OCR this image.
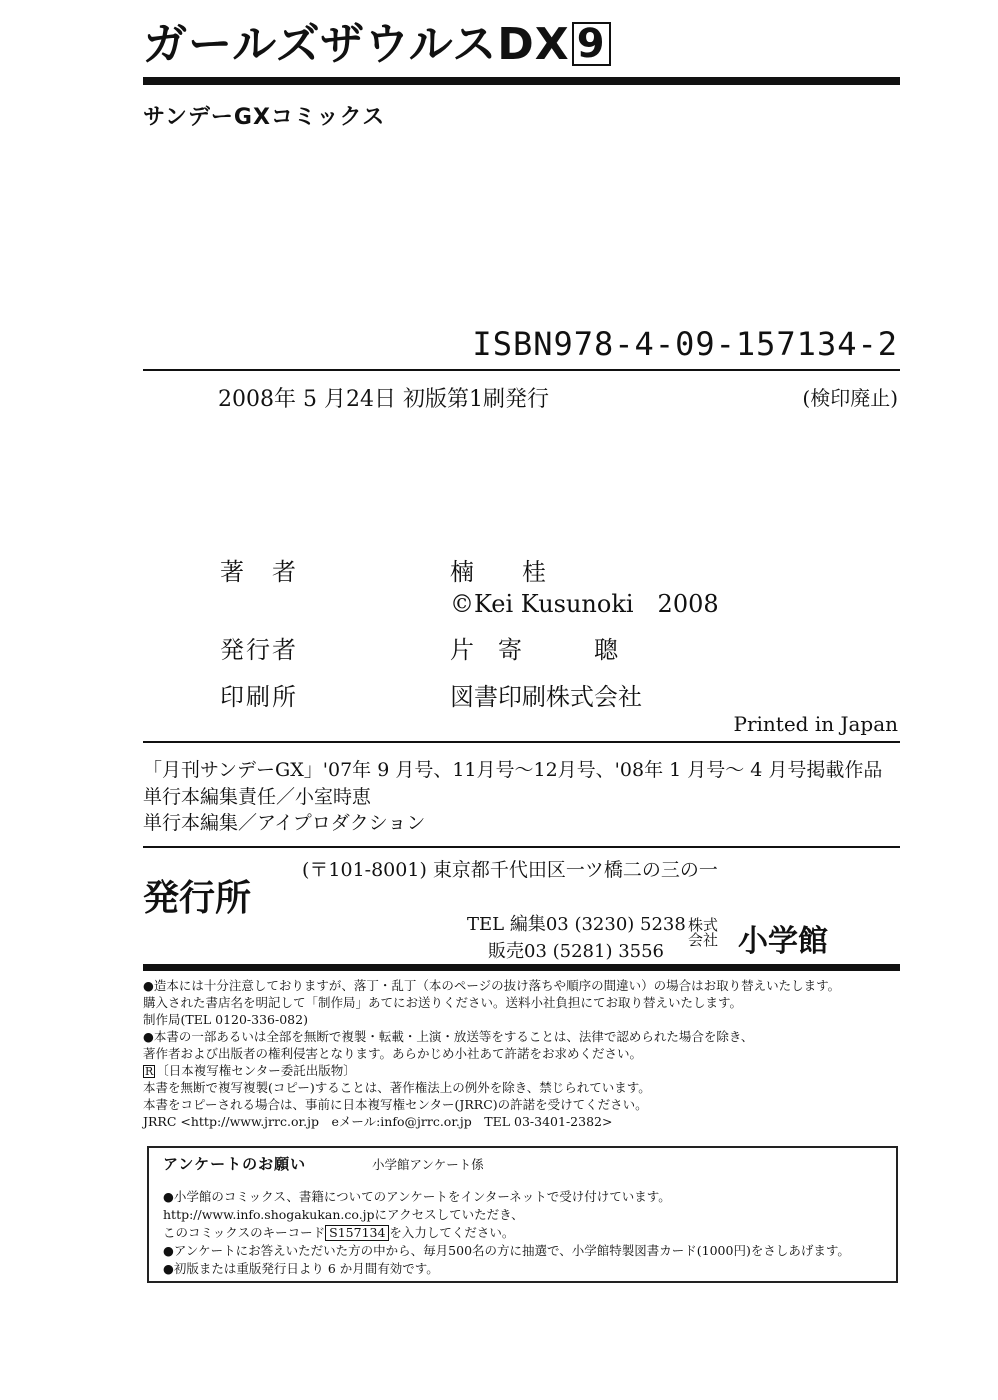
ガールズザウルスDX 9
サンデーGXコミックス
ISBN978-4-09-157134-2
2008年 5 月24日 初版第1刷発行	(検印廃止)
著　者	楠　　桂
©Kei Kusunoki　2008
発行者	片　寄　　　聰
印刷所	図書印刷株式会社
Printed in Japan
「月刊サンデーGX」'07年 9 月号、11月号～12月号、'08年 1 月号～ 4 月号掲載作品
単行本編集責任／小室時恵
単行本編集／アイプロダクション
発行所
(〒101-8001) 東京都千代田区一ツ橋二の三の一
TEL 編集03 (3230) 5238
販売03 (5281) 3556
株式会社 小学館
●造本には十分注意しておりますが、落丁・乱丁（本のページの抜け落ちや順序の間違い）の場合はお取り替えいたします。
購入された書店名を明記して「制作局」あてにお送りください。送料小社負担にてお取り替えいたします。
制作局(TEL 0120-336-082)
●本書の一部あるいは全部を無断で複製・転載・上演・放送等をすることは、法律で認められた場合を除き、
著作者および出版者の権利侵害となります。あらかじめ小社あて許諾をお求めください。
R 〔日本複写権センター委託出版物〕
本書を無断で複写複製(コピー)することは、著作権法上の例外を除き、禁じられています。
本書をコピーされる場合は、事前に日本複写権センター(JRRC)の許諾を受けてください。
JRRC <http://www.jrrc.or.jp　eメール:info@jrrc.or.jp　TEL 03-3401-2382>
アンケートのお願い	小学館アンケート係
●小学館のコミックス、書籍についてのアンケートをインターネットで受け付けています。
http://www.info.shogakukan.co.jpにアクセスしていただき、
このコミックスのキーコード S157134 を入力してください。
●アンケートにお答えいただいた方の中から、毎月500名の方に抽選で、小学館特製図書カード(1000円)をさしあげます。
●初版または重版発行日より 6 か月間有効です。
